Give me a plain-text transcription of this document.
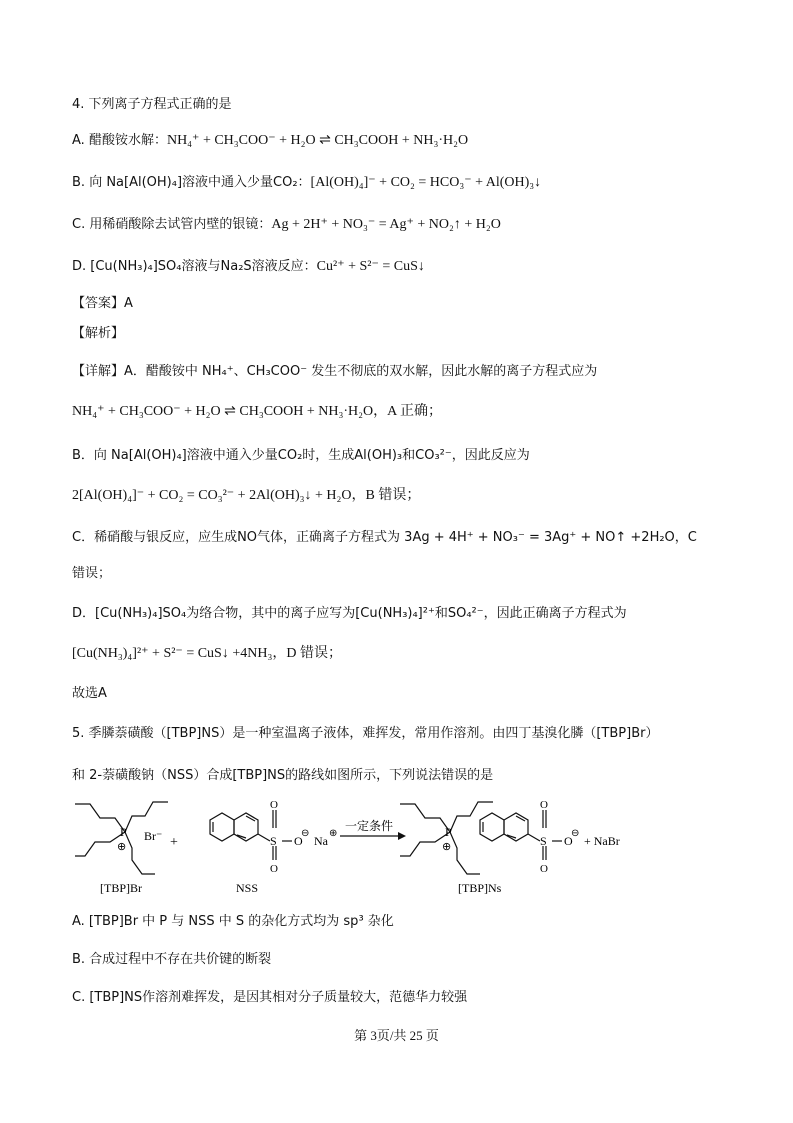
4. 下列离子方程式正确的是
A. 醋酸铵水解：NH₄⁺ + CH₃COO⁻ + H₂O ⇌ CH₃COOH + NH₃·H₂O
B. 向 Na[Al(OH)₄]溶液中通入少量CO₂：[Al(OH)₄]⁻ + CO₂ = HCO₃⁻ + Al(OH)₃↓
C. 用稀硝酸除去试管内壁的银镜：Ag + 2H⁺ + NO₃⁻ = Ag⁺ + NO₂↑ + H₂O
D. [Cu(NH₃)₄]SO₄溶液与Na₂S溶液反应：Cu²⁺ + S²⁻ = CuS↓
【答案】A
【解析】
【详解】A．醋酸铵中 NH₄⁺、CH₃COO⁻ 发生不彻底的双水解，因此水解的离子方程式应为
NH₄⁺ + CH₃COO⁻ + H₂O ⇌ CH₃COOH + NH₃·H₂O，A 正确；
B．向 Na[Al(OH)₄]溶液中通入少量CO₂时，生成Al(OH)₃和CO₃²⁻，因此反应为
2[Al(OH)₄]⁻ + CO₂ = CO₃²⁻ + 2Al(OH)₃↓ + H₂O，B 错误；
C．稀硝酸与银反应，应生成NO气体，正确离子方程式为 3Ag + 4H⁺ + NO₃⁻ = 3Ag⁺ + NO↑ +2H₂O，C
错误；
D．[Cu(NH₃)₄]SO₄为络合物，其中的离子应写为[Cu(NH₃)₄]²⁺和SO₄²⁻，因此正确离子方程式为
[Cu(NH₃)₄]²⁺ + S²⁻ = CuS↓ +4NH₃，D 错误；
故选A
5. 季膦萘磺酸（[TBP]NS）是一种室温离子液体，难挥发，常用作溶剂。由四丁基溴化膦（[TBP]Br）
和 2-萘磺酸钠（NSS）合成[TBP]NS的路线如图所示，下列说法错误的是
P
⊕
Br⁻ +	S
O
O
O
⊖
Na
⊕
一定条件	P
⊕	S
O
O
O
⊖
+ NaBr
[TBP]Br	NSS	[TBP]Ns
A. [TBP]Br 中 P 与 NSS 中 S 的杂化方式均为 sp³ 杂化
B. 合成过程中不存在共价键的断裂
C. [TBP]NS作溶剂难挥发，是因其相对分子质量较大，范德华力较强
第 3页/共 25 页
